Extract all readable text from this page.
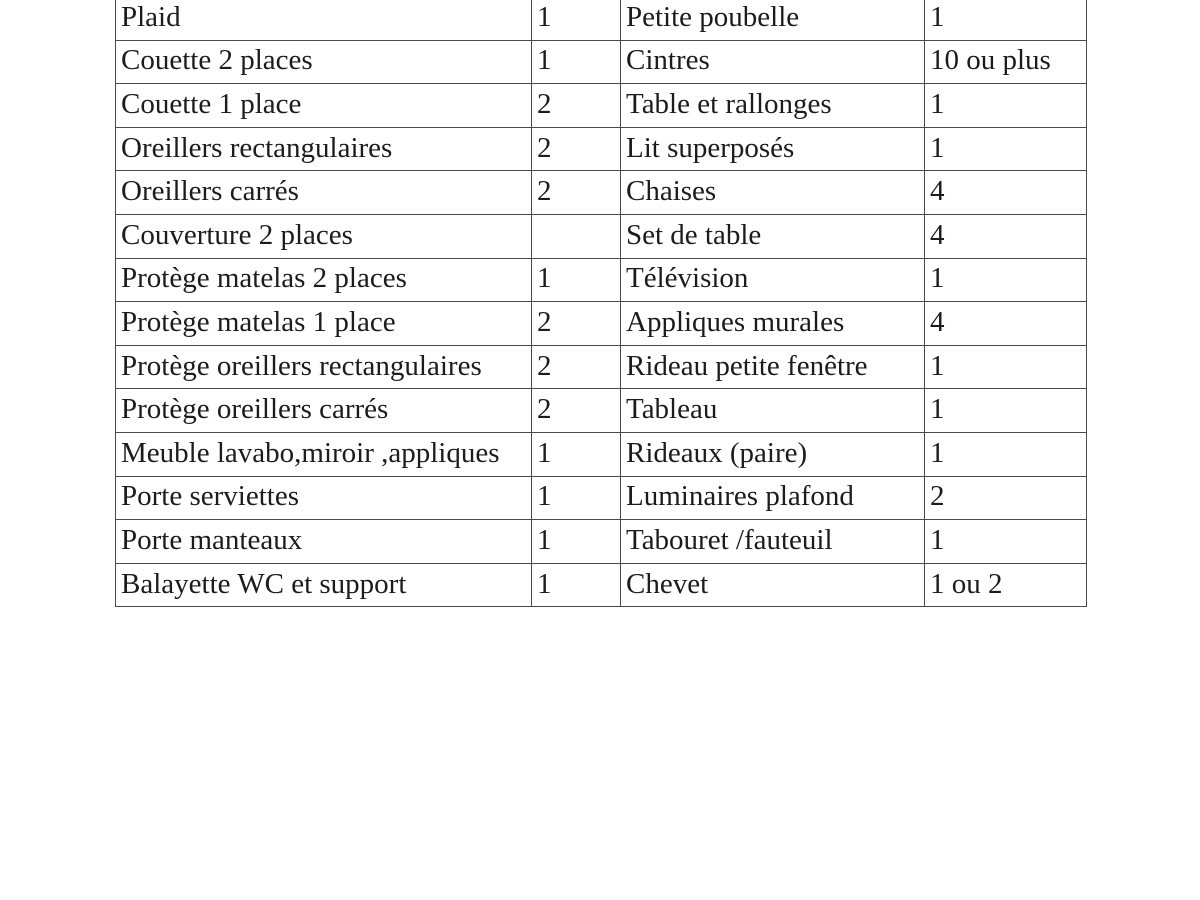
Plaid	1	Petite poubelle	1
Couette 2 places	1	Cintres	10 ou plus
Couette 1 place	2	Table et rallonges	1
Oreillers rectangulaires	2	Lit superposés	1
Oreillers carrés	2	Chaises	4
Couverture 2 places		Set de table	4
Protège matelas 2 places	1	Télévision	1
Protège matelas 1 place	2	Appliques murales	4
Protège oreillers rectangulaires	2	Rideau petite fenêtre	1
Protège oreillers carrés	2	Tableau	1
Meuble lavabo,miroir ,appliques	1	Rideaux (paire)	1
Porte serviettes	1	Luminaires plafond	2
Porte manteaux	1	Tabouret /fauteuil	1
Balayette WC et support	1	Chevet	1 ou 2
